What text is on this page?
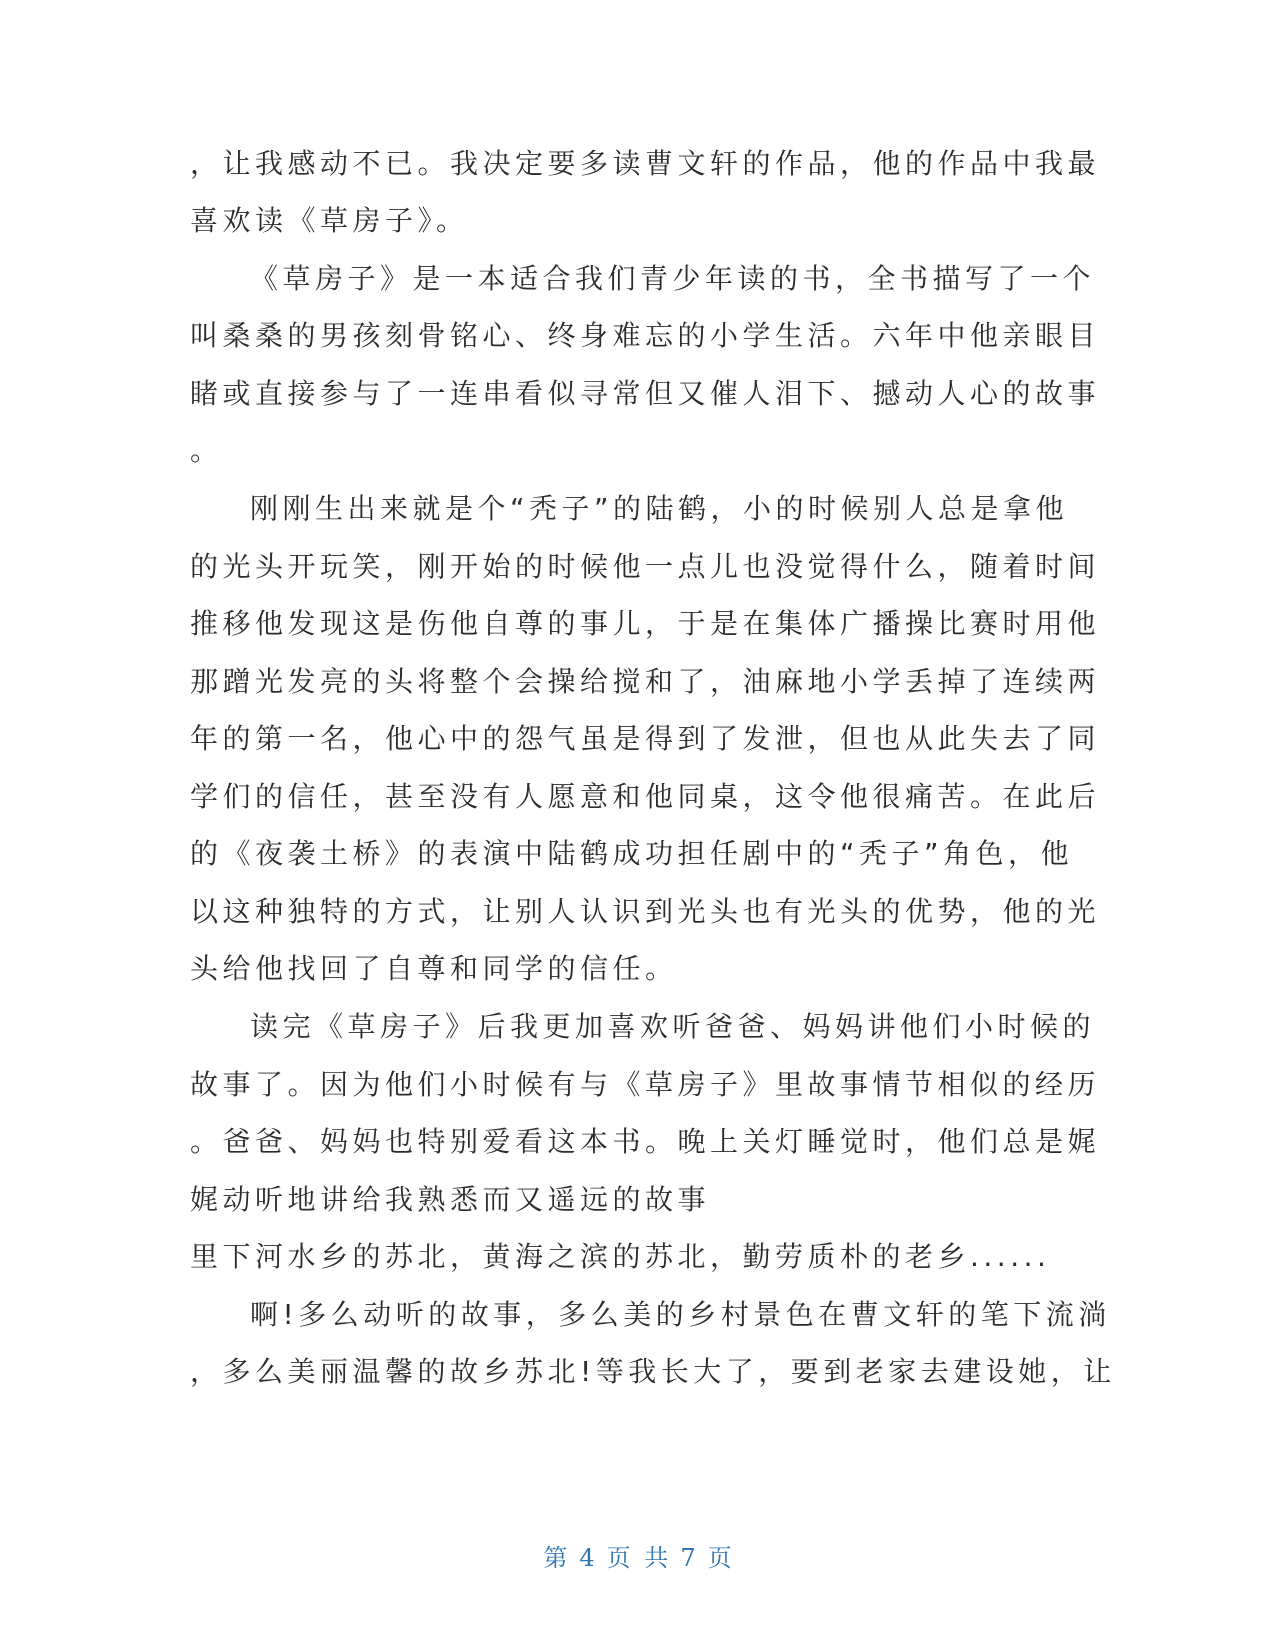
，让我感动不已。我决定要多读曹文轩的作品，他的作品中我最
喜欢读《草房子》。
《草房子》是一本适合我们青少年读的书，全书描写了一个
叫桑桑的男孩刻骨铭心、终身难忘的小学生活。六年中他亲眼目
睹或直接参与了一连串看似寻常但又催人泪下、撼动人心的故事
。
刚刚生出来就是个“秃子”的陆鹤，小的时候别人总是拿他
的光头开玩笑，刚开始的时候他一点儿也没觉得什么，随着时间
推移他发现这是伤他自尊的事儿，于是在集体广播操比赛时用他
那蹭光发亮的头将整个会操给搅和了，油麻地小学丢掉了连续两
年的第一名，他心中的怨气虽是得到了发泄，但也从此失去了同
学们的信任，甚至没有人愿意和他同桌，这令他很痛苦。在此后
的《夜袭土桥》的表演中陆鹤成功担任剧中的“秃子”角色，他
以这种独特的方式，让别人认识到光头也有光头的优势，他的光
头给他找回了自尊和同学的信任。
读完《草房子》后我更加喜欢听爸爸、妈妈讲他们小时候的
故事了。因为他们小时候有与《草房子》里故事情节相似的经历
。爸爸、妈妈也特别爱看这本书。晚上关灯睡觉时，他们总是娓
娓动听地讲给我熟悉而又遥远的故事
里下河水乡的苏北，黄海之滨的苏北，勤劳质朴的老乡......
啊!多么动听的故事，多么美的乡村景色在曹文轩的笔下流淌
，多么美丽温馨的故乡苏北!等我长大了，要到老家去建设她，让
第 4 页 共 7 页
